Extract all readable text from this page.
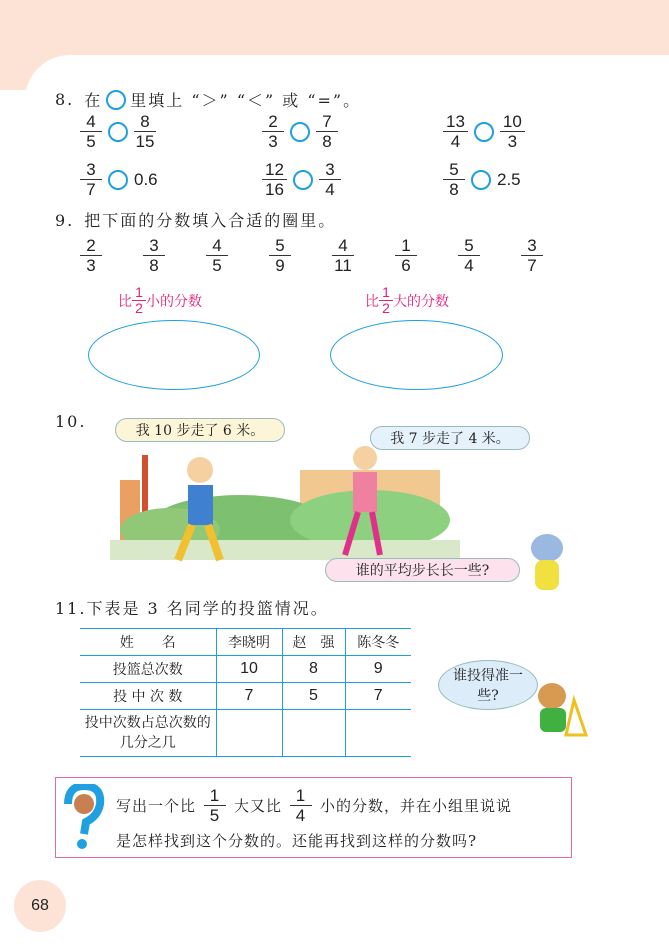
8. 在 里填上 “＞” “＜” 或 “=”。
$\frac{4}{5} \frac{8}{15}$	$\frac{2}{3} \frac{7}{8}$	$\frac{13}{4} \frac{10}{3}$
$\frac{3}{7} 0.6$	$\frac{12}{16} \frac{3}{4}$	$\frac{5}{8} 2.5$
9. 把下面的分数填入合适的圈里。
$\frac{2}{3} \frac{3}{8} \frac{4}{5} \frac{5}{9} \frac{4}{11} \frac{1}{6} \frac{5}{4} \frac{3}{7}$
比 $\frac{1}{2}$ 小的分数	比 $\frac{1}{2}$ 大的分数
10.	我 10 步走了 6 米。	我 7 步走了 4 米。
谁的平均步长长一些?
11.下表是 3 名同学的投篮情况。
姓　　名	李晓明	赵　强	陈冬冬
投篮总次数	10	8	9
投 中 次 数	7	5	7
投中次数占总次数的几分之几			
谁投得准一些?
写出一个比 $\frac{1}{5}$ 大又比 $\frac{1}{4}$ 小的分数，并在小组里说说
是怎样找到这个分数的。还能再找到这样的分数吗?
68
